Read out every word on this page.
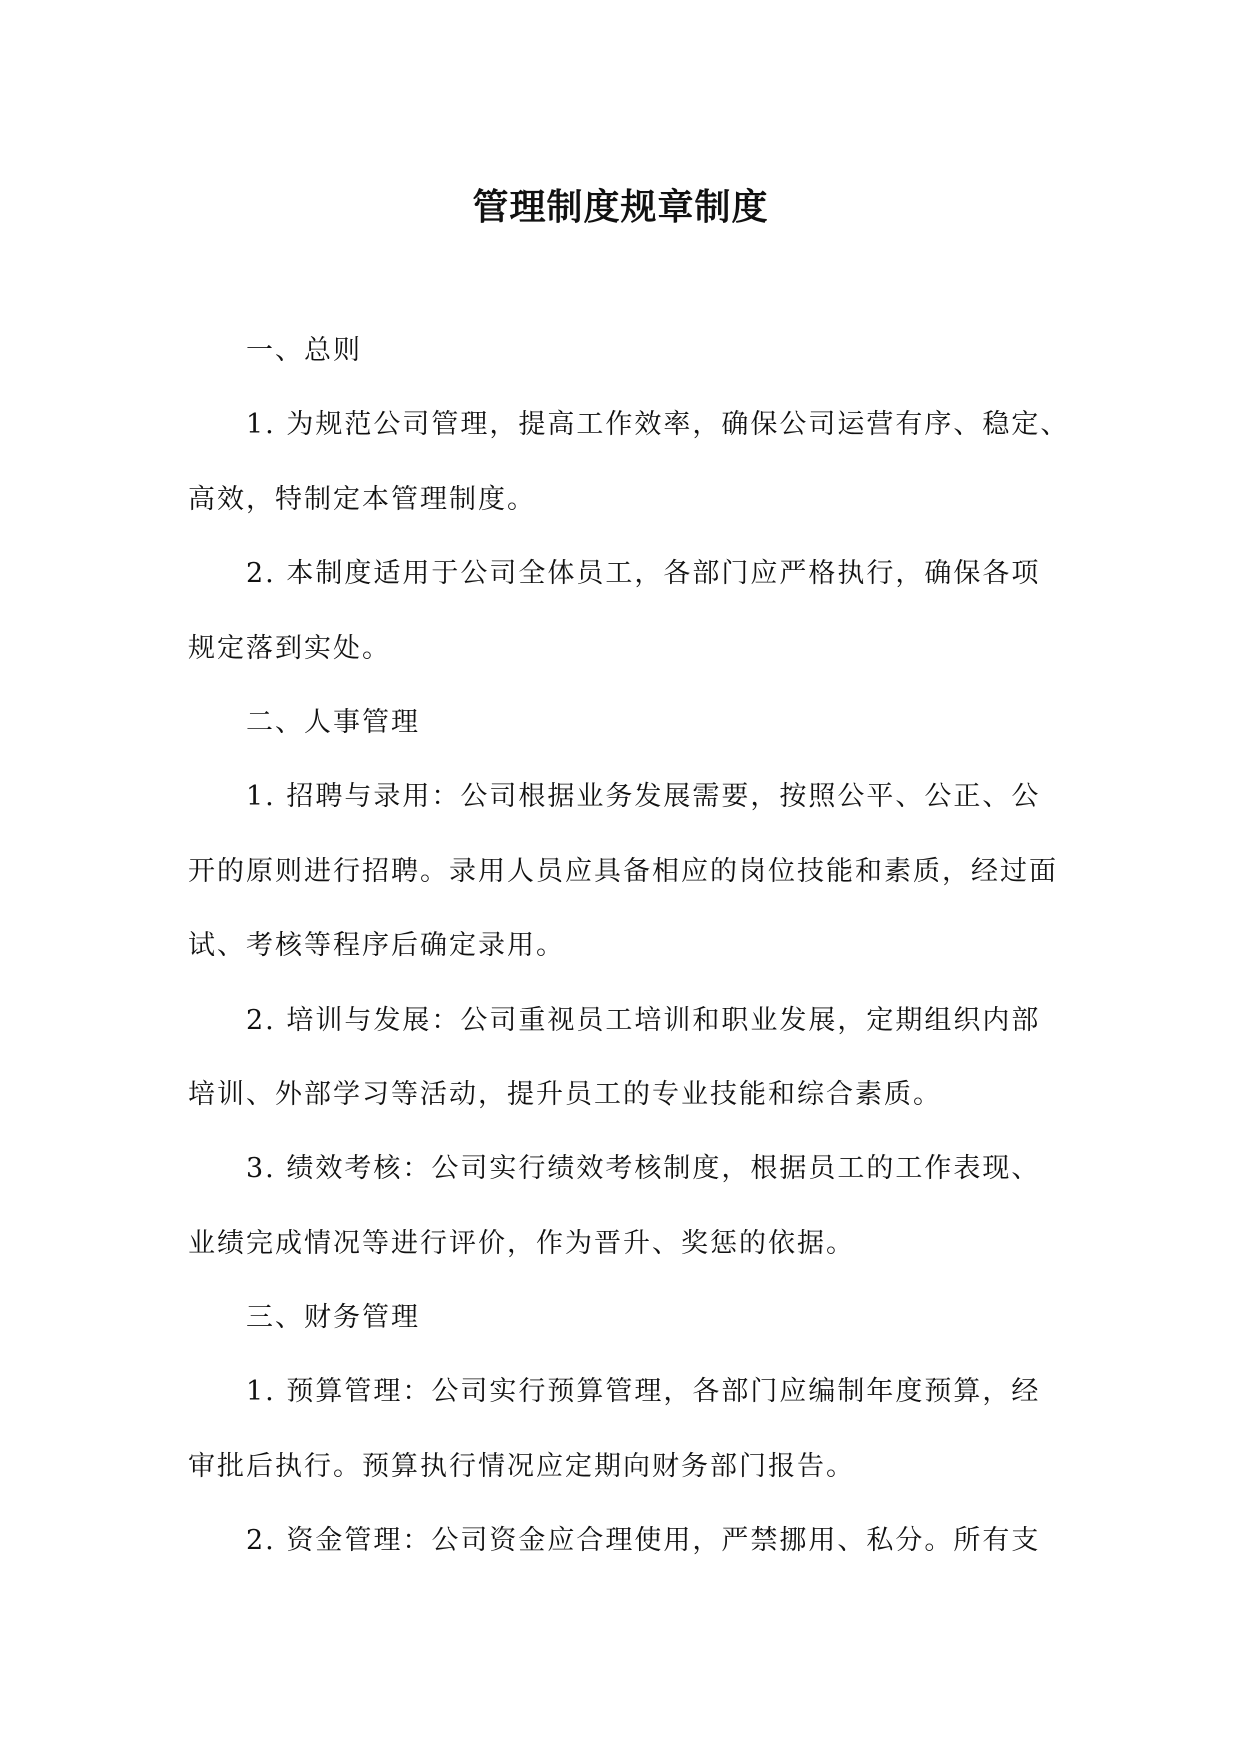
管理制度规章制度
一、总则
1. 为规范公司管理，提高工作效率，确保公司运营有序、稳定、
高效，特制定本管理制度。
2. 本制度适用于公司全体员工，各部门应严格执行，确保各项
规定落到实处。
二、人事管理
1. 招聘与录用：公司根据业务发展需要，按照公平、公正、公
开的原则进行招聘。录用人员应具备相应的岗位技能和素质，经过面
试、考核等程序后确定录用。
2. 培训与发展：公司重视员工培训和职业发展，定期组织内部
培训、外部学习等活动，提升员工的专业技能和综合素质。
3. 绩效考核：公司实行绩效考核制度，根据员工的工作表现、
业绩完成情况等进行评价，作为晋升、奖惩的依据。
三、财务管理
1. 预算管理：公司实行预算管理，各部门应编制年度预算，经
审批后执行。预算执行情况应定期向财务部门报告。
2. 资金管理：公司资金应合理使用，严禁挪用、私分。所有支
